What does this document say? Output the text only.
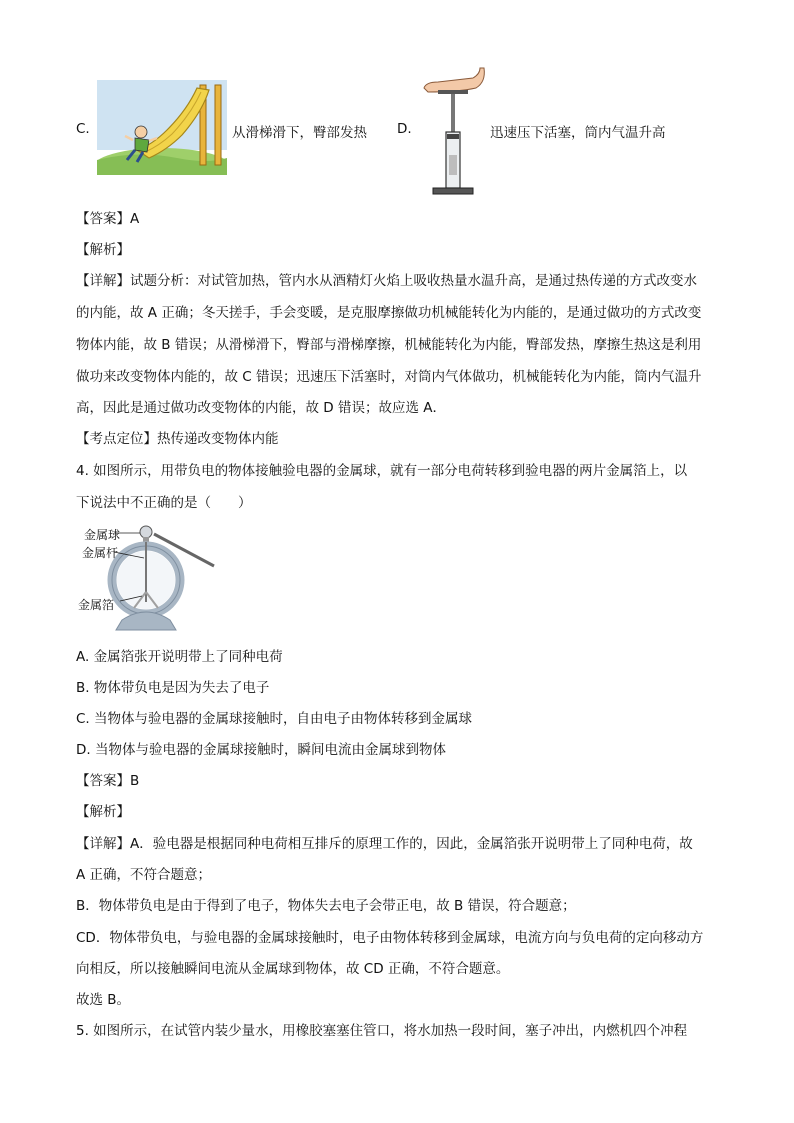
C.	从滑梯滑下，臀部发热 D.	迅速压下活塞，筒内气温升高
【答案】A
【解析】
【详解】试题分析：对试管加热，管内水从酒精灯火焰上吸收热量水温升高，是通过热传递的方式改变水
的内能，故 A 正确；冬天搓手，手会变暖，是克服摩擦做功机械能转化为内能的，是通过做功的方式改变
物体内能，故 B 错误；从滑梯滑下，臀部与滑梯摩擦，机械能转化为内能，臀部发热，摩擦生热这是利用
做功来改变物体内能的，故 C 错误；迅速压下活塞时，对筒内气体做功，机械能转化为内能，筒内气温升
高，因此是通过做功改变物体的内能，故 D 错误；故应选 A．
【考点定位】热传递改变物体内能
4. 如图所示，用带负电的物体接触验电器的金属球，就有一部分电荷转移到验电器的两片金属箔上，以
下说法中不正确的是（　　）
金属球
金属杆
金属箔
A. 金属箔张开说明带上了同种电荷
B. 物体带负电是因为失去了电子
C. 当物体与验电器的金属球接触时，自由电子由物体转移到金属球
D. 当物体与验电器的金属球接触时，瞬间电流由金属球到物体
【答案】B
【解析】
【详解】A．验电器是根据同种电荷相互排斥的原理工作的，因此，金属箔张开说明带上了同种电荷，故
A 正确，不符合题意；
B．物体带负电是由于得到了电子，物体失去电子会带正电，故 B 错误，符合题意；
CD．物体带负电，与验电器的金属球接触时，电子由物体转移到金属球，电流方向与负电荷的定向移动方
向相反，所以接触瞬间电流从金属球到物体，故 CD 正确，不符合题意。
故选 B。
5. 如图所示，在试管内装少量水，用橡胶塞塞住管口，将水加热一段时间，塞子冲出，内燃机四个冲程
